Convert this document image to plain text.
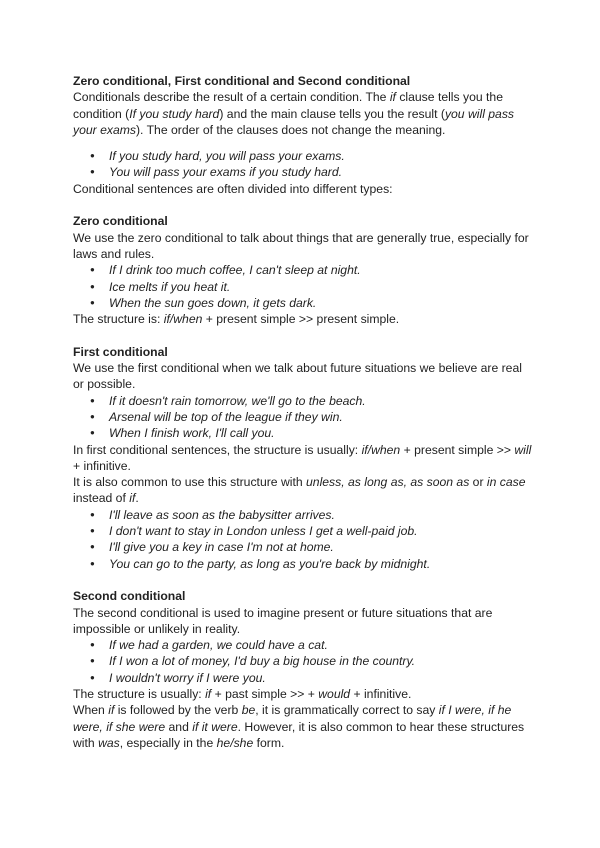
Zero conditional, First conditional and Second conditional

Conditionals describe the result of a certain condition. The if clause tells you the condition (If you study hard) and the main clause tells you the result (you will pass your exams). The order of the clauses does not change the meaning.

● If you study hard, you will pass your exams.
● You will pass your exams if you study hard.

Conditional sentences are often divided into different types:

Zero conditional

We use the zero conditional to talk about things that are generally true, especially for laws and rules.

● If I drink too much coffee, I can't sleep at night.
● Ice melts if you heat it.
● When the sun goes down, it gets dark.

The structure is: if/when + present simple >> present simple.

First conditional

We use the first conditional when we talk about future situations we believe are real or possible.

● If it doesn't rain tomorrow, we'll go to the beach.
● Arsenal will be top of the league if they win.
● When I finish work, I'll call you.

In first conditional sentences, the structure is usually: if/when + present simple >> will + infinitive.

It is also common to use this structure with unless, as long as, as soon as or in case instead of if.

● I'll leave as soon as the babysitter arrives.
● I don't want to stay in London unless I get a well-paid job.
● I'll give you a key in case I'm not at home.
● You can go to the party, as long as you're back by midnight.
Second conditional

The second conditional is used to imagine present or future situations that are impossible or unlikely in reality.

● If we had a garden, we could have a cat.
● If I won a lot of money, I'd buy a big house in the country.
● I wouldn't worry if I were you.

The structure is usually: if + past simple >> + would + infinitive.

When if is followed by the verb be, it is grammatically correct to say if I were, if he were, if she were and if it were. However, it is also common to hear these structures with was, especially in the he/she form.
